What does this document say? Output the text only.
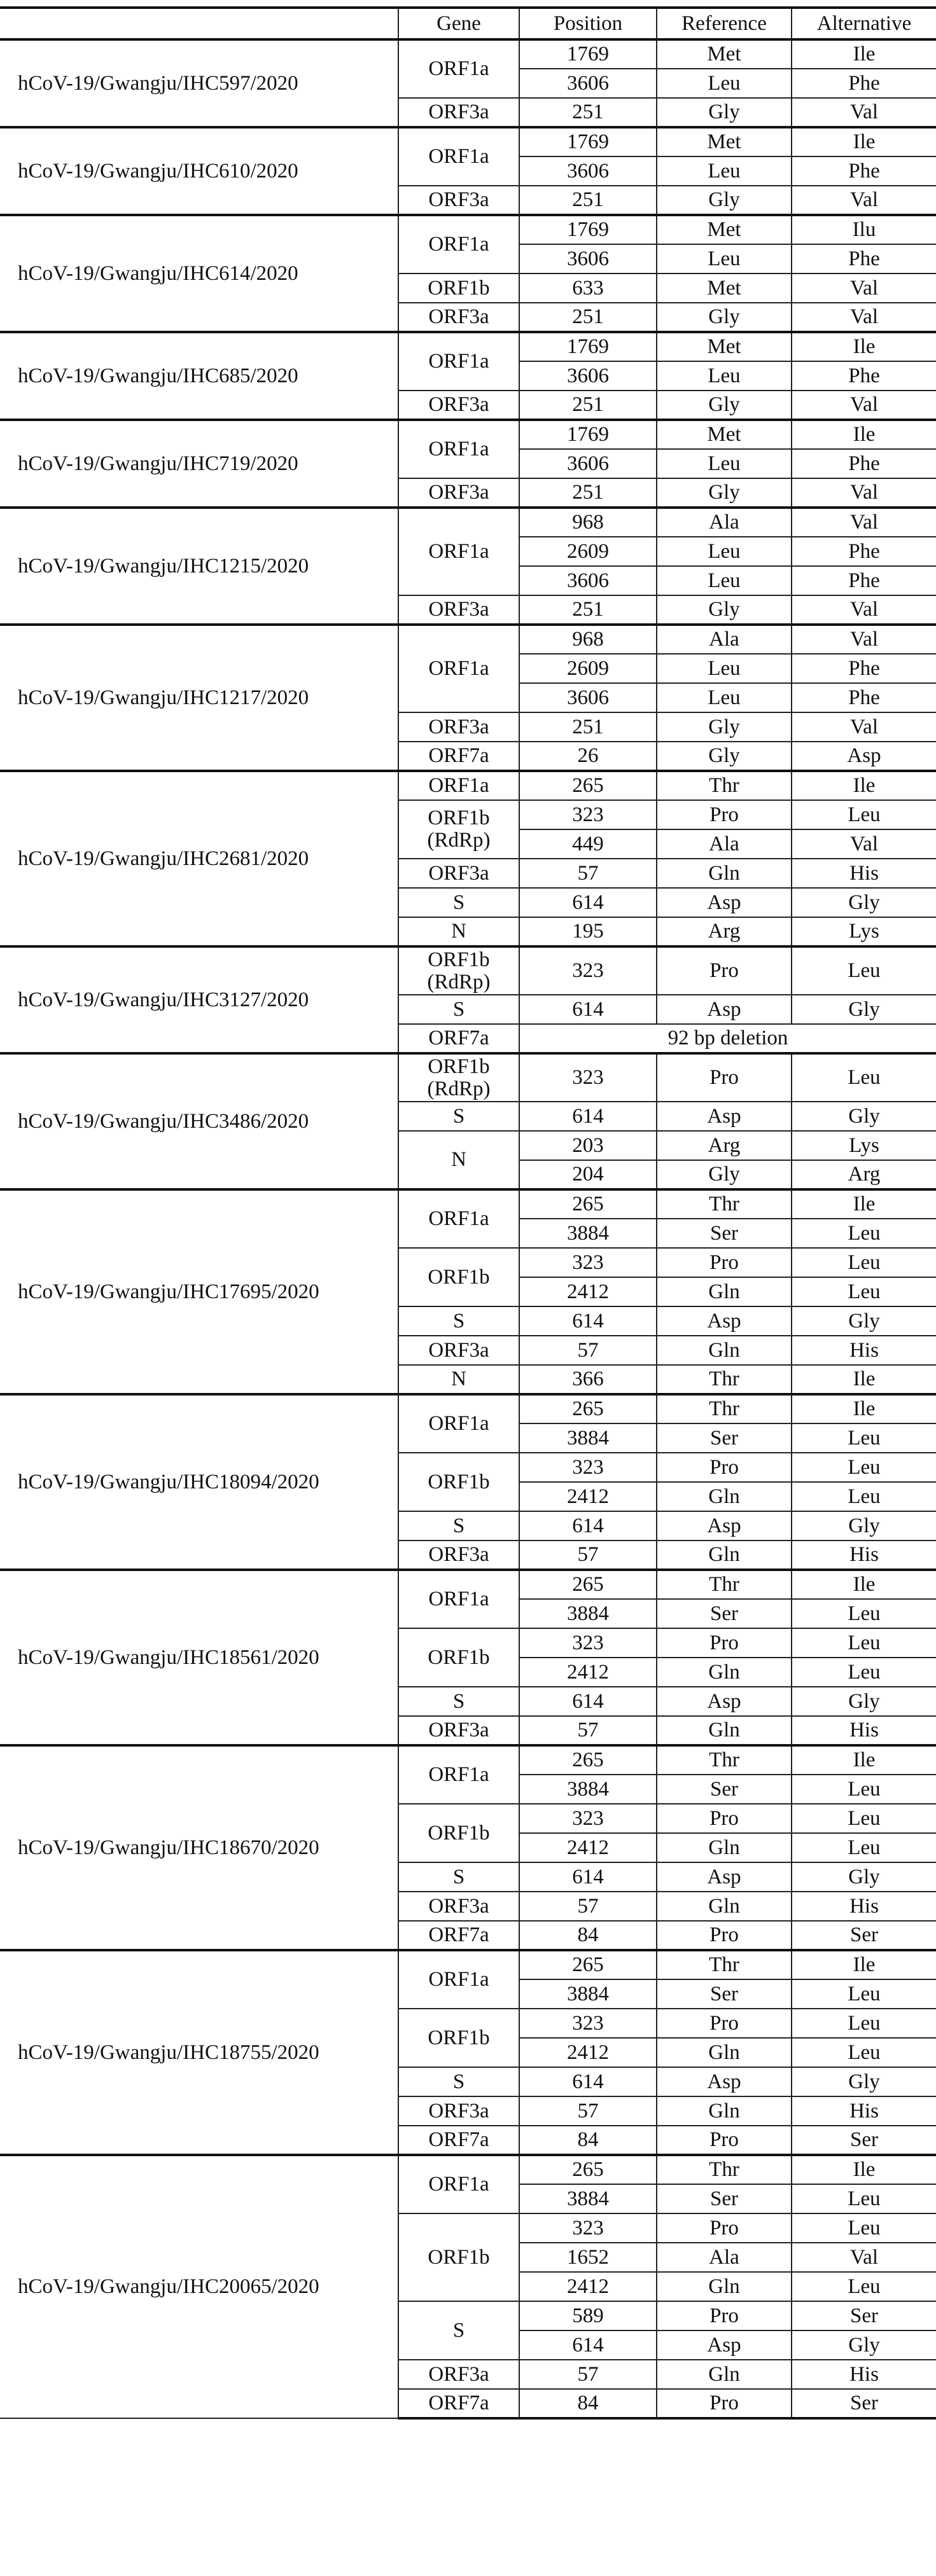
	Gene	Position	Reference	Alternative
hCoV-19/Gwangju/IHC597/2020	ORF1a	1769	Met	Ile
		3606	Leu	Phe
	ORF3a	251	Gly	Val
hCoV-19/Gwangju/IHC610/2020	ORF1a	1769	Met	Ile
		3606	Leu	Phe
	ORF3a	251	Gly	Val
hCoV-19/Gwangju/IHC614/2020	ORF1a	1769	Met	Ilu
		3606	Leu	Phe
	ORF1b	633	Met	Val
	ORF3a	251	Gly	Val
hCoV-19/Gwangju/IHC685/2020	ORF1a	1769	Met	Ile
		3606	Leu	Phe
	ORF3a	251	Gly	Val
hCoV-19/Gwangju/IHC719/2020	ORF1a	1769	Met	Ile
		3606	Leu	Phe
	ORF3a	251	Gly	Val
hCoV-19/Gwangju/IHC1215/2020	ORF1a	968	Ala	Val
		2609	Leu	Phe
		3606	Leu	Phe
	ORF3a	251	Gly	Val
hCoV-19/Gwangju/IHC1217/2020	ORF1a	968	Ala	Val
		2609	Leu	Phe
		3606	Leu	Phe
	ORF3a	251	Gly	Val
	ORF7a	26	Gly	Asp
hCoV-19/Gwangju/IHC2681/2020	ORF1a	265	Thr	Ile
	ORF1b (RdRp)	323	Pro	Leu
		449	Ala	Val
	ORF3a	57	Gln	His
	S	614	Asp	Gly
	N	195	Arg	Lys
hCoV-19/Gwangju/IHC3127/2020	ORF1b (RdRp)	323	Pro	Leu
	S	614	Asp	Gly
	ORF7a	92 bp deletion		
hCoV-19/Gwangju/IHC3486/2020	ORF1b (RdRp)	323	Pro	Leu
	S	614	Asp	Gly
	N	203	Arg	Lys
		204	Gly	Arg
hCoV-19/Gwangju/IHC17695/2020	ORF1a	265	Thr	Ile
		3884	Ser	Leu
	ORF1b	323	Pro	Leu
		2412	Gln	Leu
	S	614	Asp	Gly
	ORF3a	57	Gln	His
	N	366	Thr	Ile
hCoV-19/Gwangju/IHC18094/2020	ORF1a	265	Thr	Ile
		3884	Ser	Leu
	ORF1b	323	Pro	Leu
		2412	Gln	Leu
	S	614	Asp	Gly
	ORF3a	57	Gln	His
hCoV-19/Gwangju/IHC18561/2020	ORF1a	265	Thr	Ile
		3884	Ser	Leu
	ORF1b	323	Pro	Leu
		2412	Gln	Leu
	S	614	Asp	Gly
	ORF3a	57	Gln	His
hCoV-19/Gwangju/IHC18670/2020	ORF1a	265	Thr	Ile
		3884	Ser	Leu
	ORF1b	323	Pro	Leu
		2412	Gln	Leu
	S	614	Asp	Gly
	ORF3a	57	Gln	His
	ORF7a	84	Pro	Ser
hCoV-19/Gwangju/IHC18755/2020	ORF1a	265	Thr	Ile
		3884	Ser	Leu
	ORF1b	323	Pro	Leu
		2412	Gln	Leu
	S	614	Asp	Gly
	ORF3a	57	Gln	His
	ORF7a	84	Pro	Ser
hCoV-19/Gwangju/IHC20065/2020	ORF1a	265	Thr	Ile
		3884	Ser	Leu
	ORF1b	323	Pro	Leu
		1652	Ala	Val
		2412	Gln	Leu
	S	589	Pro	Ser
		614	Asp	Gly
	ORF3a	57	Gln	His
	ORF7a	84	Pro	Ser
